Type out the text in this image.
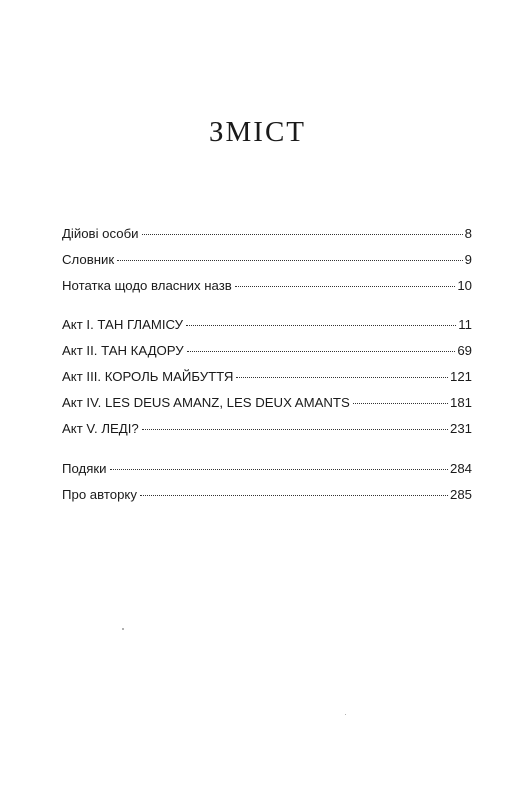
ЗМІСТ
Дійові особи	8
Словник	9
Нотатка щодо власних назв	10
Акт І. ТАН ГЛАМІСУ	11
Акт ІІ. ТАН КАДОРУ	69
Акт ІІІ. КОРОЛЬ МАЙБУТТЯ	121
Акт IV. LES DEUS AMANZ, LES DEUX AMANTS	181
Акт V. ЛЕДІ?	231
Подяки	284
Про авторку	285
